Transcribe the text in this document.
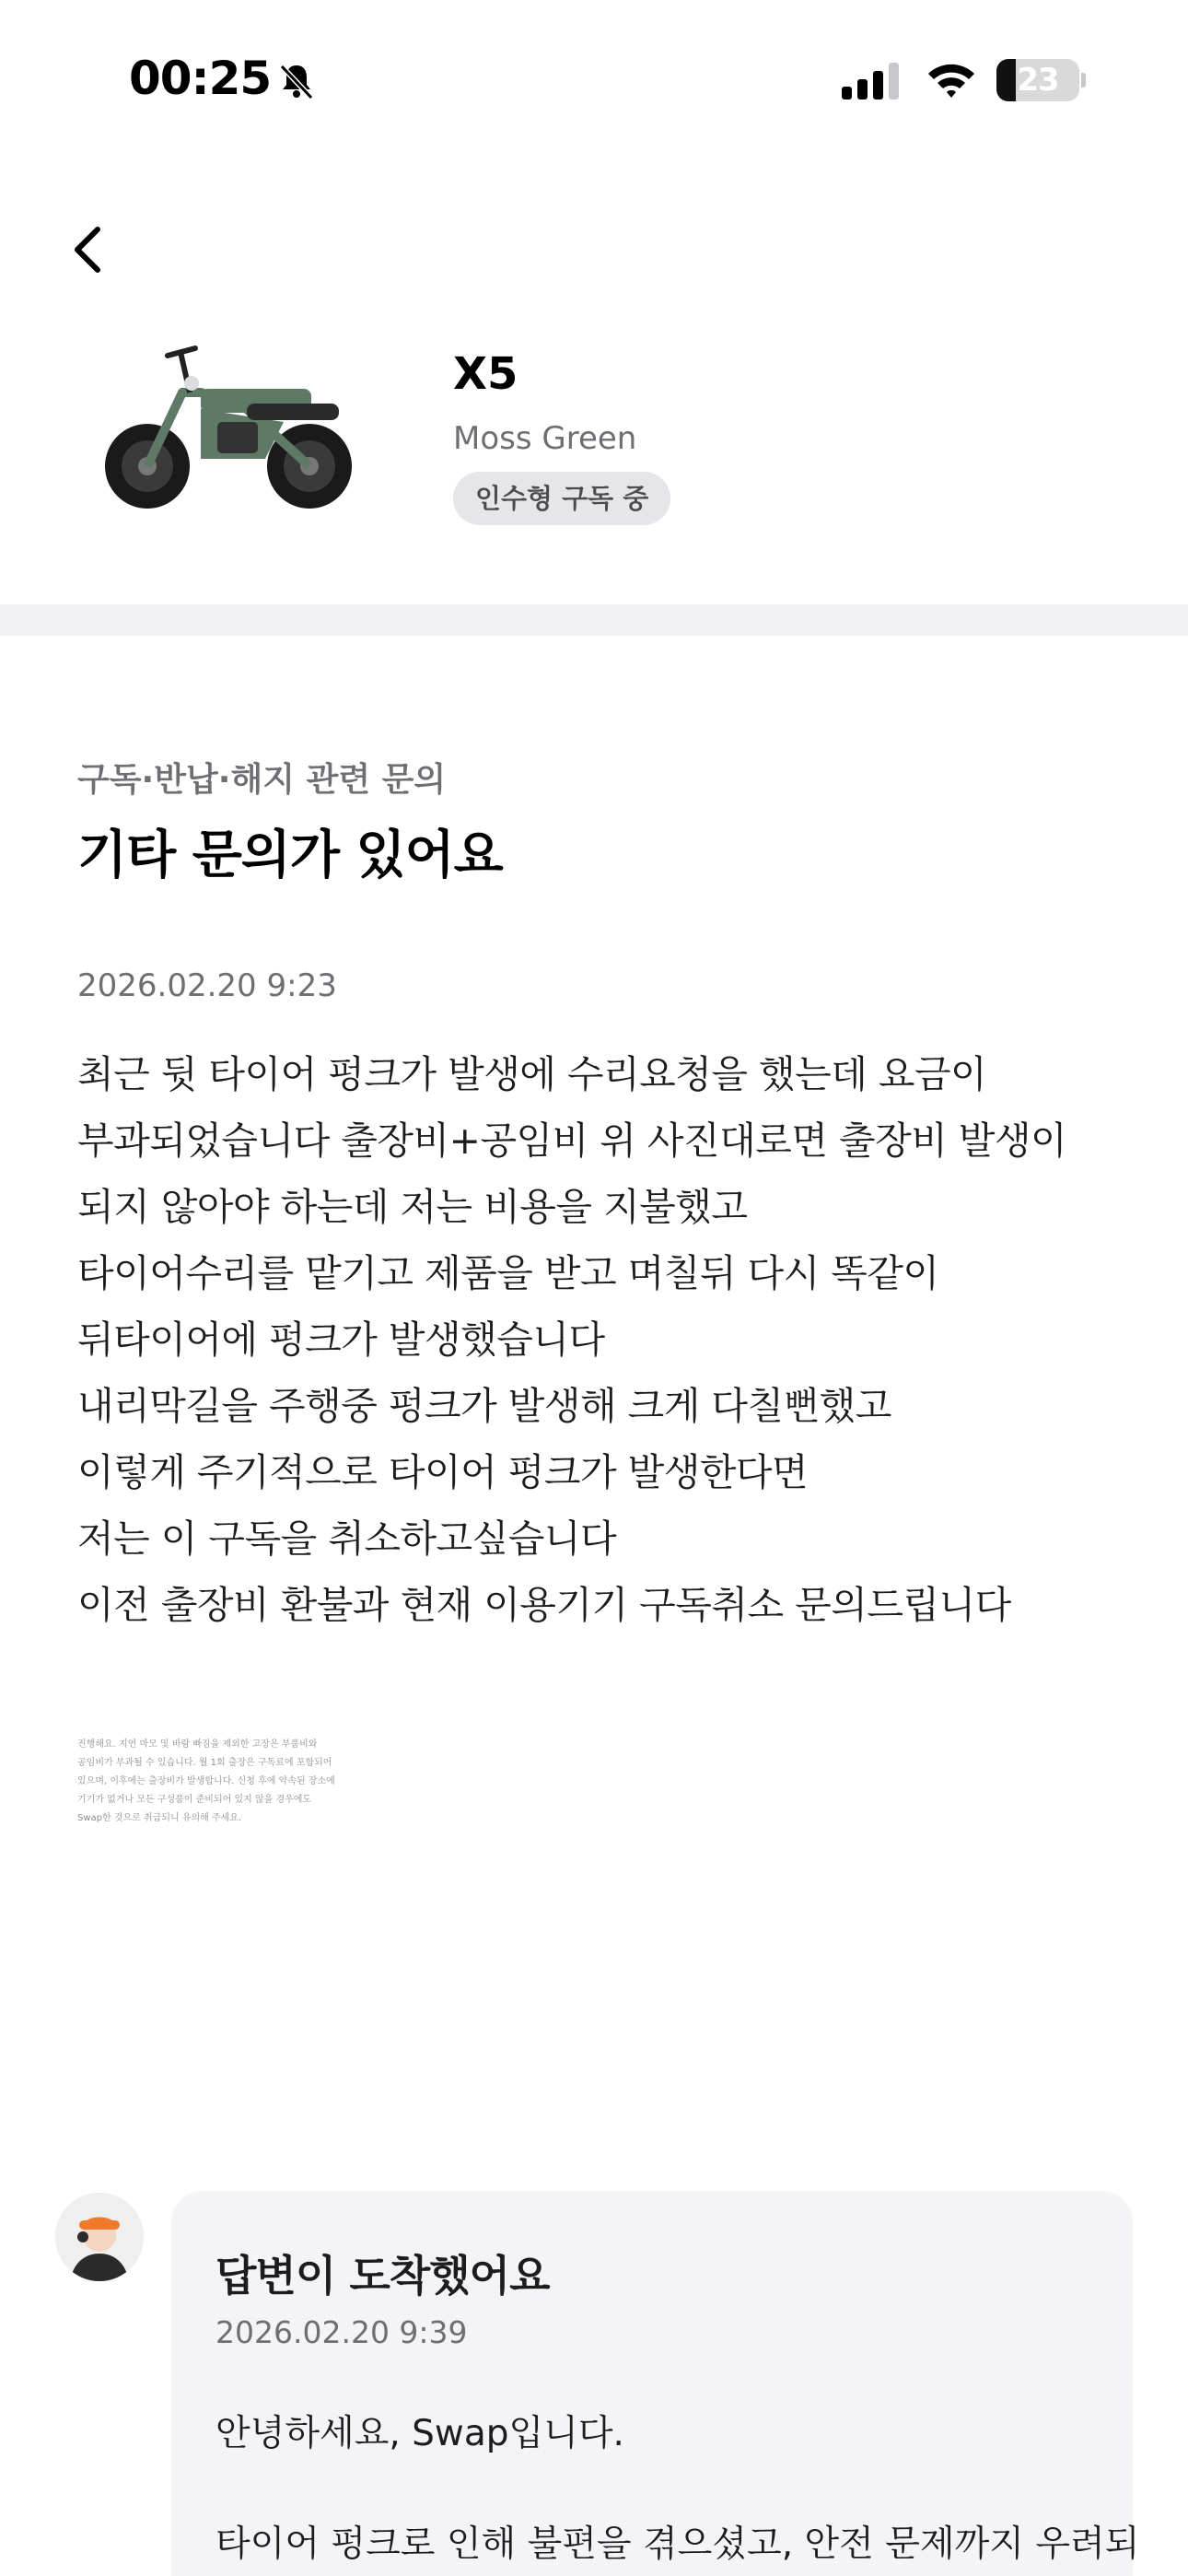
00:25	23
X5
Moss Green
인수형 구독 중
구독·반납·해지 관련 문의
기타 문의가 있어요
2026.02.20 9:23
최근 뒷 타이어 펑크가 발생에 수리요청을 했는데 요금이
부과되었습니다 출장비+공임비 위 사진대로면 출장비 발생이
되지 않아야 하는데 저는 비용을 지불했고
타이어수리를 맡기고 제품을 받고 며칠뒤 다시 똑같이
뒤타이어에 펑크가 발생했습니다
내리막길을 주행중 펑크가 발생해 크게 다칠뻔했고
이렇게 주기적으로 타이어 펑크가 발생한다면
저는 이 구독을 취소하고싶습니다
이전 출장비 환불과 현재 이용기기 구독취소 문의드립니다
진행해요. 지연 마모 및 바람 빠짐을 제외한 고장은 부품비와
공임비가 부과될 수 있습니다. 월 1회 출장은 구독료에 포함되어
있으며, 이후에는 출장비가 발생합니다. 신청 후에 약속된 장소에
기기가 없거나 모든 구성품이 준비되어 있지 않을 경우에도
Swap한 것으로 취급되니 유의해 주세요.
답변이 도착했어요
2026.02.20 9:39
안녕하세요, Swap입니다.
타이어 펑크로 인해 불편을 겪으셨고, 안전 문제까지 우려되
